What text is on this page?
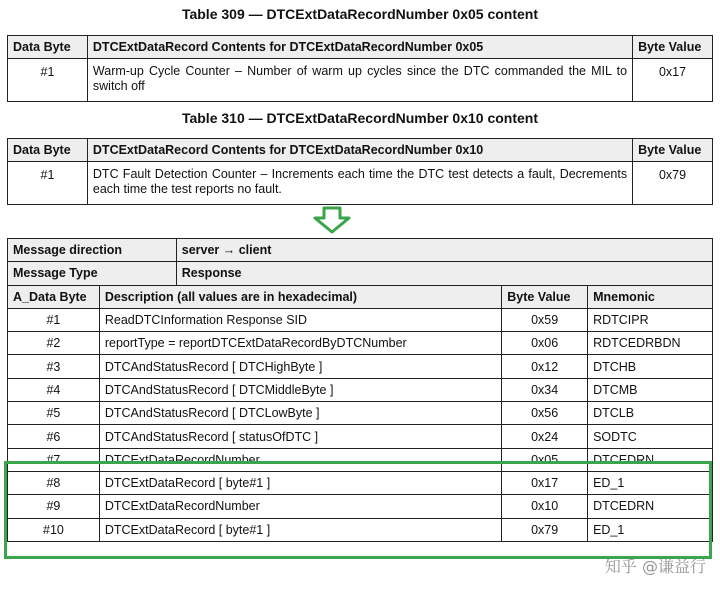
Table 309 — DTCExtDataRecordNumber 0x05 content
Data Byte	DTCExtDataRecord Contents for DTCExtDataRecordNumber 0x05	Byte Value
#1	Warm-up Cycle Counter – Number of warm up cycles since the DTC commanded the MIL to switch off	0x17
Table 310 — DTCExtDataRecordNumber 0x10 content
Data Byte	DTCExtDataRecord Contents for DTCExtDataRecordNumber 0x10	Byte Value
#1	DTC Fault Detection Counter – Increments each time the DTC test detects a fault, Decrements each time the test reports no fault.	0x79
Message direction		server → client		
Message Type		Response		
A_Data Byte	Description (all values are in hexadecimal)		Byte Value	Mnemonic
#1	ReadDTCInformation Response SID		0x59	RDTCIPR
#2	reportType = reportDTCExtDataRecordByDTCNumber		0x06	RDTCEDRBDN
#3	DTCAndStatusRecord [ DTCHighByte ]		0x12	DTCHB
#4	DTCAndStatusRecord [ DTCMiddleByte ]		0x34	DTCMB
#5	DTCAndStatusRecord [ DTCLowByte ]		0x56	DTCLB
#6	DTCAndStatusRecord [ statusOfDTC ]		0x24	SODTC
#7	DTCExtDataRecordNumber		0x05	DTCEDRN
#8	DTCExtDataRecord [ byte#1 ]		0x17	ED_1
#9	DTCExtDataRecordNumber		0x10	DTCEDRN
#10	DTCExtDataRecord [ byte#1 ]		0x79	ED_1
知乎 @谦益行
